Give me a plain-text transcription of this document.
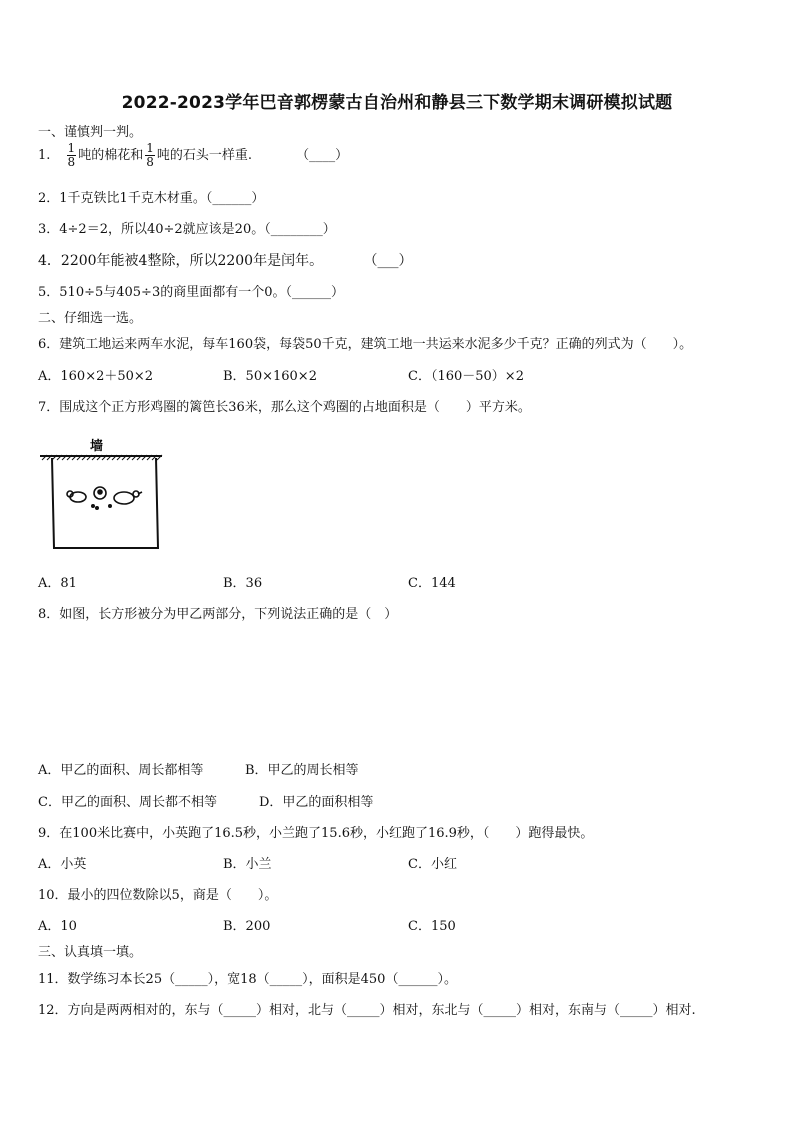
2022-2023学年巴音郭楞蒙古自治州和静县三下数学期末调研模拟试题
一、谨慎判一判。
1. $\frac{1}{8}$ 吨的棉花和 $\frac{1}{8}$ 吨的石头一样重.	（____）
2．1千克铁比1千克木材重。（______）
3．4÷2＝2，所以40÷2就应该是20。（________）
4．2200年能被4整除，所以2200年是闰年。	（___）
5．510÷5与405÷3的商里面都有一个0。（______）
二、仔细选一选。
6．建筑工地运来两车水泥，每车160袋，每袋50千克，建筑工地一共运来水泥多少千克？正确的列式为（　　）。
A．160×2＋50×2	B．50×160×2	C．（160－50）×2
7．围成这个正方形鸡圈的篱笆长36米，那么这个鸡圈的占地面积是（　　）平方米。
墙
A．81	B．36	C．144
8．如图，长方形被分为甲乙两部分，下列说法正确的是（　）
A．甲乙的面积、周长都相等	B．甲乙的周长相等
C．甲乙的面积、周长都不相等	D．甲乙的面积相等
9．在100米比赛中，小英跑了16.5秒，小兰跑了15.6秒，小红跑了16.9秒，（　　）跑得最快。
A．小英	B．小兰	C．小红
10．最小的四位数除以5，商是（　　）。
A．10	B．200	C．150
三、认真填一填。
11．数学练习本长25（_____），宽18（_____），面积是450（______）。
12．方向是两两相对的，东与（_____）相对，北与（_____）相对，东北与（_____）相对，东南与（_____）相对.
